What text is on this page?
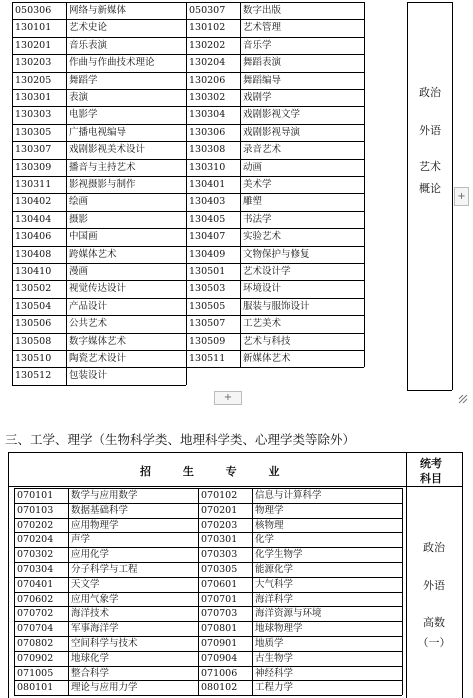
050306 网络与新媒体
130101 艺术史论
130201 音乐表演
130203 作曲与作曲技术理论
130205 舞蹈学
130301 表演
130303 电影学
130305 广播电视编导
130307 戏剧影视美术设计
130309 播音与主持艺术
130311 影视摄影与制作
130402 绘画
130404 摄影
130406 中国画
130408 跨媒体艺术
130410 漫画
130502 视觉传达设计
130504 产品设计
130506 公共艺术
130508 数字媒体艺术
130510 陶瓷艺术设计
130512 包装设计
050307 数字出版
130102 艺术管理
130202 音乐学
130204 舞蹈表演
130206 舞蹈编导
130302 戏剧学
130304 戏剧影视文学
130306 戏剧影视导演
130308 录音艺术
130310 动画
130401 美术学
130403 雕塑
130405 书法学
130407 实验艺术
130409 文物保护与修复
130501 艺术设计学
130503 环境设计
130505 服装与服饰设计
130507 工艺美术
130509 艺术与科技
130511 新媒体艺术
政治
外语
艺术
概论
三、工学、理学（生物科学类、地理科学类、心理学类等除外）
招 生 专 业
统考
科目
070101 数学与应用数学
070103 数据基础科学
070202 应用物理学
070204 声学
070302 应用化学
070304 分子科学与工程
070401 天文学
070602 应用气象学
070702 海洋技术
070704 军事海洋学
070802 空间科学与技术
070902 地球化学
071005 整合科学
080101 理论与应用力学
070102 信息与计算科学
070201 物理学
070203 核物理
070301 化学
070303 化学生物学
070305 能源化学
070601 大气科学
070701 海洋科学
070703 海洋资源与环境
070801 地球物理学
070901 地质学
070904 古生物学
071006 神经科学
080102 工程力学
政治
外语
高数
（一）
+
+
